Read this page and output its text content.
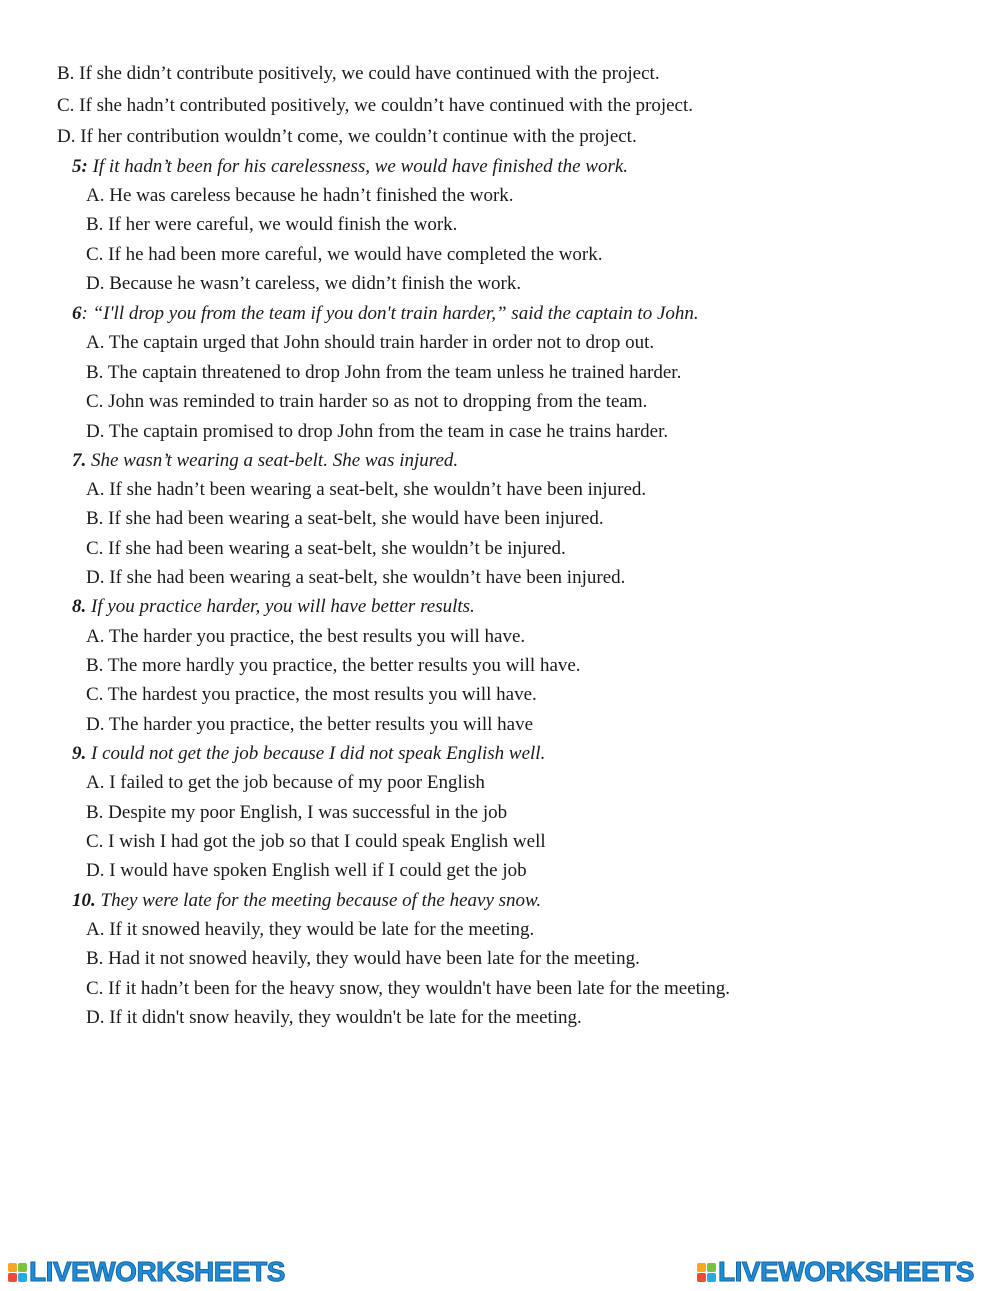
B. If she didn’t contribute positively, we could have continued with the project.
C. If she hadn’t contributed positively, we couldn’t have continued with the project.
D. If her contribution wouldn’t come, we couldn’t continue with the project.
5: If it hadn’t been for his carelessness, we would have finished the work.
A. He was careless because he hadn’t finished the work.
B. If her were careful, we would finish the work.
C. If he had been more careful, we would have completed the work.
D. Because he wasn’t careless, we didn’t finish the work.
6: “I'll drop you from the team if you don't train harder,” said the captain to John.
A. The captain urged that John should train harder in order not to drop out.
B. The captain threatened to drop John from the team unless he trained harder.
C. John was reminded to train harder so as not to dropping from the team.
D. The captain promised to drop John from the team in case he trains harder.
7. She wasn’t wearing a seat-belt. She was injured.
A. If she hadn’t been wearing a seat-belt, she wouldn’t have been injured.
B. If she had been wearing a seat-belt, she would have been injured.
C. If she had been wearing a seat-belt, she wouldn’t be injured.
D. If she had been wearing a seat-belt, she wouldn’t have been injured.
8. If you practice harder, you will have better results.
A. The harder you practice, the best results you will have.
B. The more hardly you practice, the better results you will have.
C. The hardest you practice, the most results you will have.
D. The harder you practice, the better results you will have
9. I could not get the job because I did not speak English well.
A. I failed to get the job because of my poor English
B. Despite my poor English, I was successful in the job
C. I wish I had got the job so that I could speak English well
D. I would have spoken English well if I could get the job
10. They were late for the meeting because of the heavy snow.
A. If it snowed heavily, they would be late for the meeting.
B. Had it not snowed heavily, they would have been late for the meeting.
C. If it hadn’t been for the heavy snow, they wouldn't have been late for the meeting.
D. If it didn't snow heavily, they wouldn't be late for the meeting.
LIVEWORKSHEETS	LIVEWORKSHEETS
